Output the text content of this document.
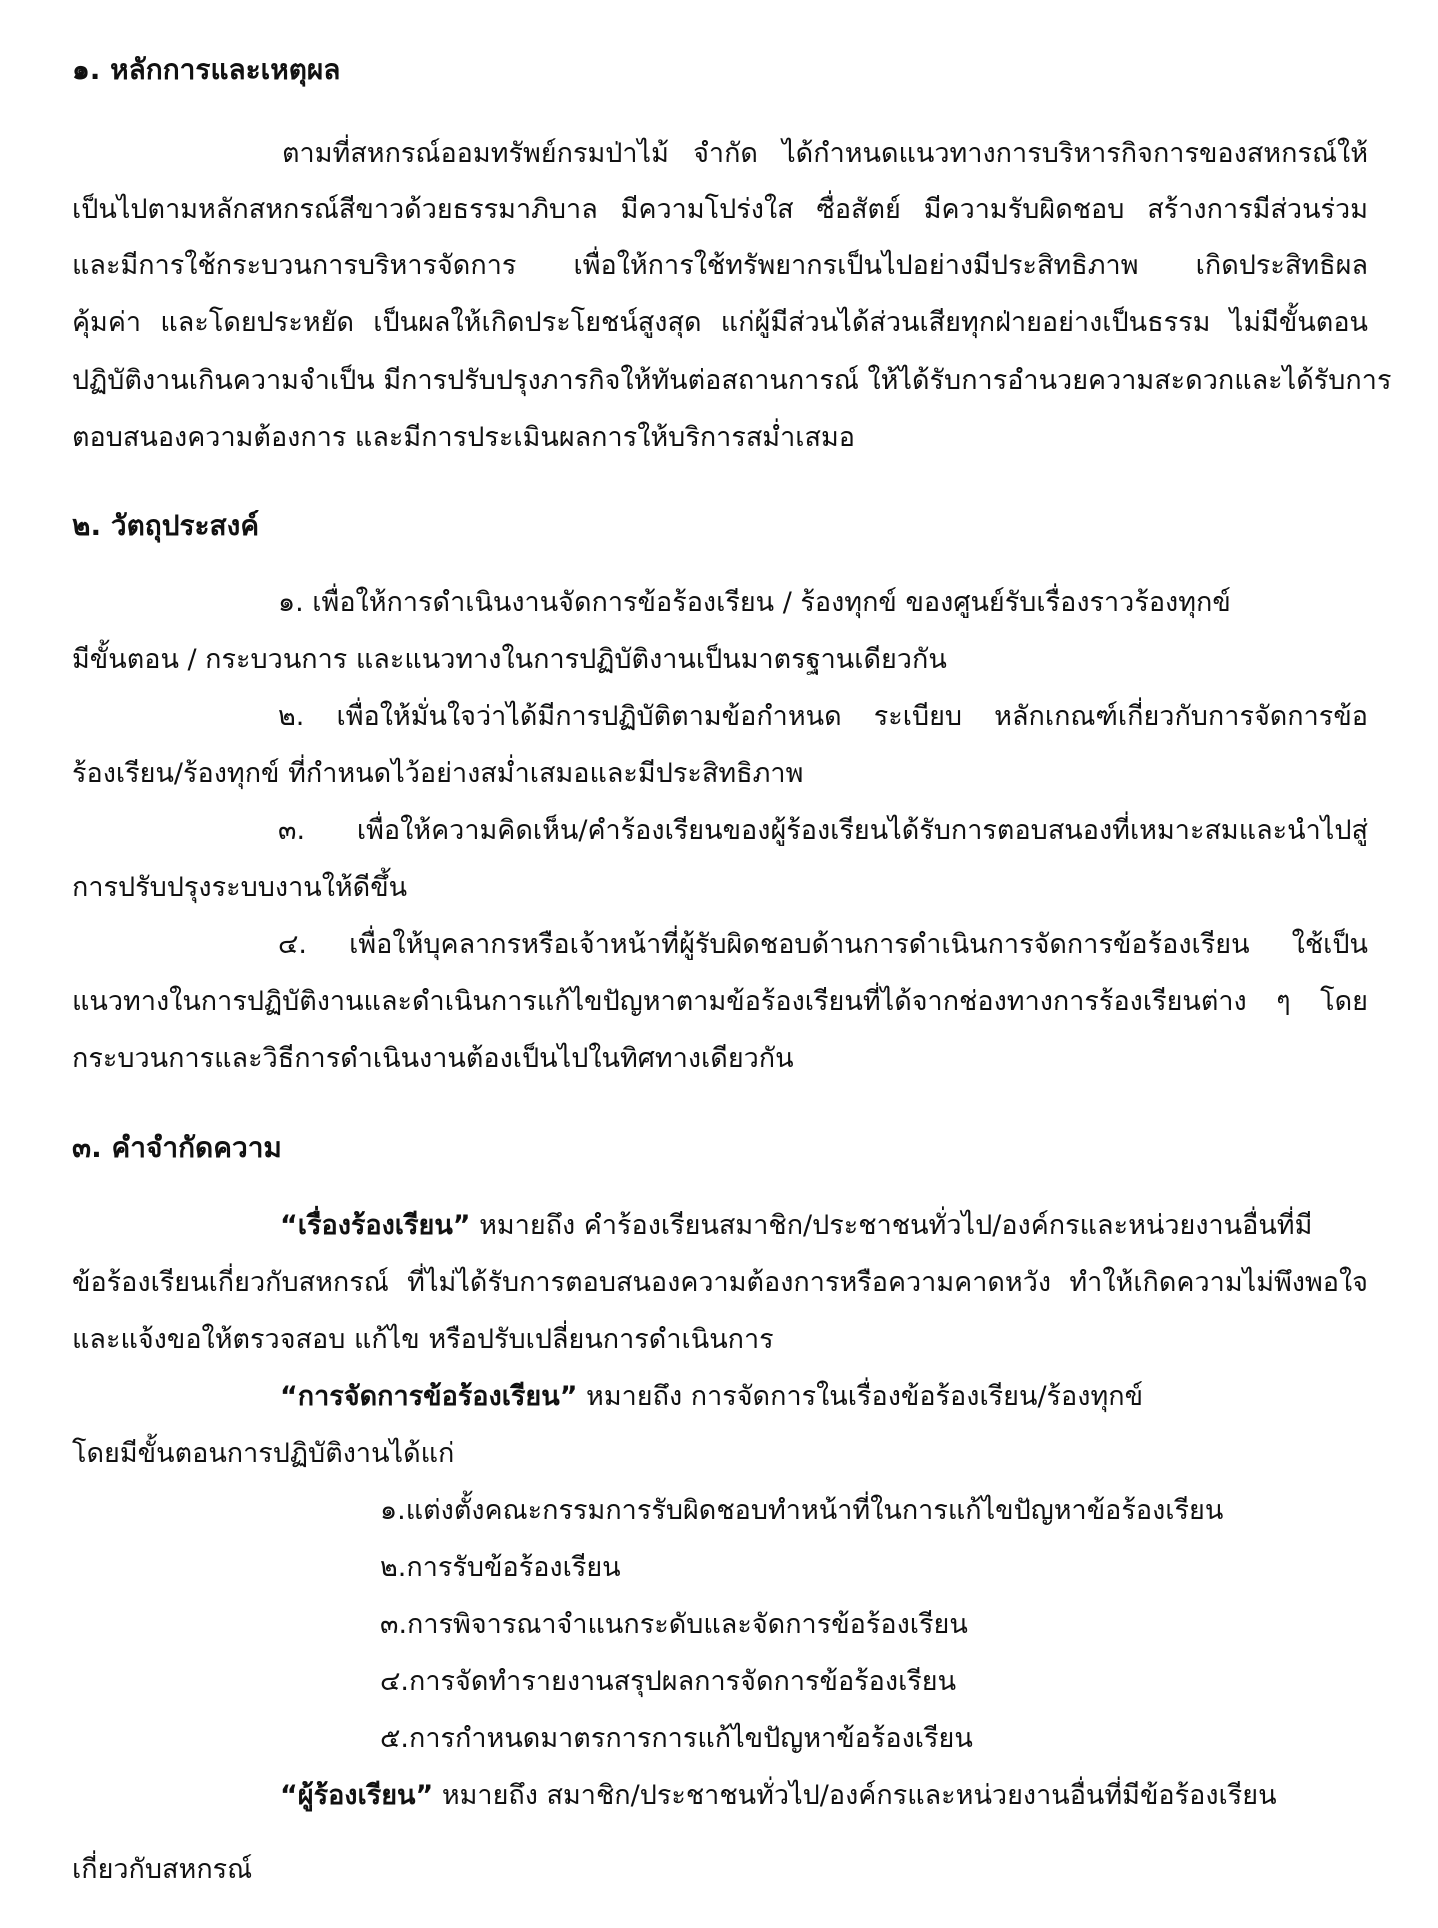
๑. หลักการและเหตุผล
ตามที่สหกรณ์ออมทรัพย์กรมป่าไม้ จำกัด ได้กำหนดแนวทางการบริหารกิจการของสหกรณ์ให้
เป็นไปตามหลักสหกรณ์สีขาวด้วยธรรมาภิบาล มีความโปร่งใส ซื่อสัตย์ มีความรับผิดชอบ สร้างการมีส่วนร่วม
และมีการใช้กระบวนการบริหารจัดการ เพื่อให้การใช้ทรัพยากรเป็นไปอย่างมีประสิทธิภาพ เกิดประสิทธิผล
คุ้มค่า และโดยประหยัด เป็นผลให้เกิดประโยชน์สูงสุด แก่ผู้มีส่วนได้ส่วนเสียทุกฝ่ายอย่างเป็นธรรม ไม่มีขั้นตอน
ปฏิบัติงานเกินความจำเป็น มีการปรับปรุงภารกิจให้ทันต่อสถานการณ์ ให้ได้รับการอำนวยความสะดวกและได้รับการ
ตอบสนองความต้องการ และมีการประเมินผลการให้บริการสม่ำเสมอ
๒. วัตถุประสงค์
๑. เพื่อให้การดำเนินงานจัดการข้อร้องเรียน / ร้องทุกข์ ของศูนย์รับเรื่องราวร้องทุกข์
มีขั้นตอน / กระบวนการ และแนวทางในการปฏิบัติงานเป็นมาตรฐานเดียวกัน
๒. เพื่อให้มั่นใจว่าได้มีการปฏิบัติตามข้อกำหนด ระเบียบ หลักเกณฑ์เกี่ยวกับการจัดการข้อ
ร้องเรียน/ร้องทุกข์ ที่กำหนดไว้อย่างสม่ำเสมอและมีประสิทธิภาพ
๓. เพื่อให้ความคิดเห็น/คำร้องเรียนของผู้ร้องเรียนได้รับการตอบสนองที่เหมาะสมและนำไปสู่
การปรับปรุงระบบงานให้ดีขึ้น
๔. เพื่อให้บุคลากรหรือเจ้าหน้าที่ผู้รับผิดชอบด้านการดำเนินการจัดการข้อร้องเรียน ใช้เป็น
แนวทางในการปฏิบัติงานและดำเนินการแก้ไขปัญหาตามข้อร้องเรียนที่ได้จากช่องทางการร้องเรียนต่าง ๆ โดย
กระบวนการและวิธีการดำเนินงานต้องเป็นไปในทิศทางเดียวกัน
๓. คำจำกัดความ
“เรื่องร้องเรียน” หมายถึง คำร้องเรียนสมาชิก/ประชาชนทั่วไป/องค์กรและหน่วยงานอื่นที่มี
ข้อร้องเรียนเกี่ยวกับสหกรณ์ ที่ไม่ได้รับการตอบสนองความต้องการหรือความคาดหวัง ทำให้เกิดความไม่พึงพอใจ
และแจ้งขอให้ตรวจสอบ แก้ไข หรือปรับเปลี่ยนการดำเนินการ
“การจัดการข้อร้องเรียน” หมายถึง การจัดการในเรื่องข้อร้องเรียน/ร้องทุกข์
โดยมีขั้นตอนการปฏิบัติงานได้แก่
๑.แต่งตั้งคณะกรรมการรับผิดชอบทำหน้าที่ในการแก้ไขปัญหาข้อร้องเรียน
๒.การรับข้อร้องเรียน
๓.การพิจารณาจำแนกระดับและจัดการข้อร้องเรียน
๔.การจัดทำรายงานสรุปผลการจัดการข้อร้องเรียน
๕.การกำหนดมาตรการการแก้ไขปัญหาข้อร้องเรียน
“ผู้ร้องเรียน” หมายถึง สมาชิก/ประชาชนทั่วไป/องค์กรและหน่วยงานอื่นที่มีข้อร้องเรียน
เกี่ยวกับสหกรณ์
